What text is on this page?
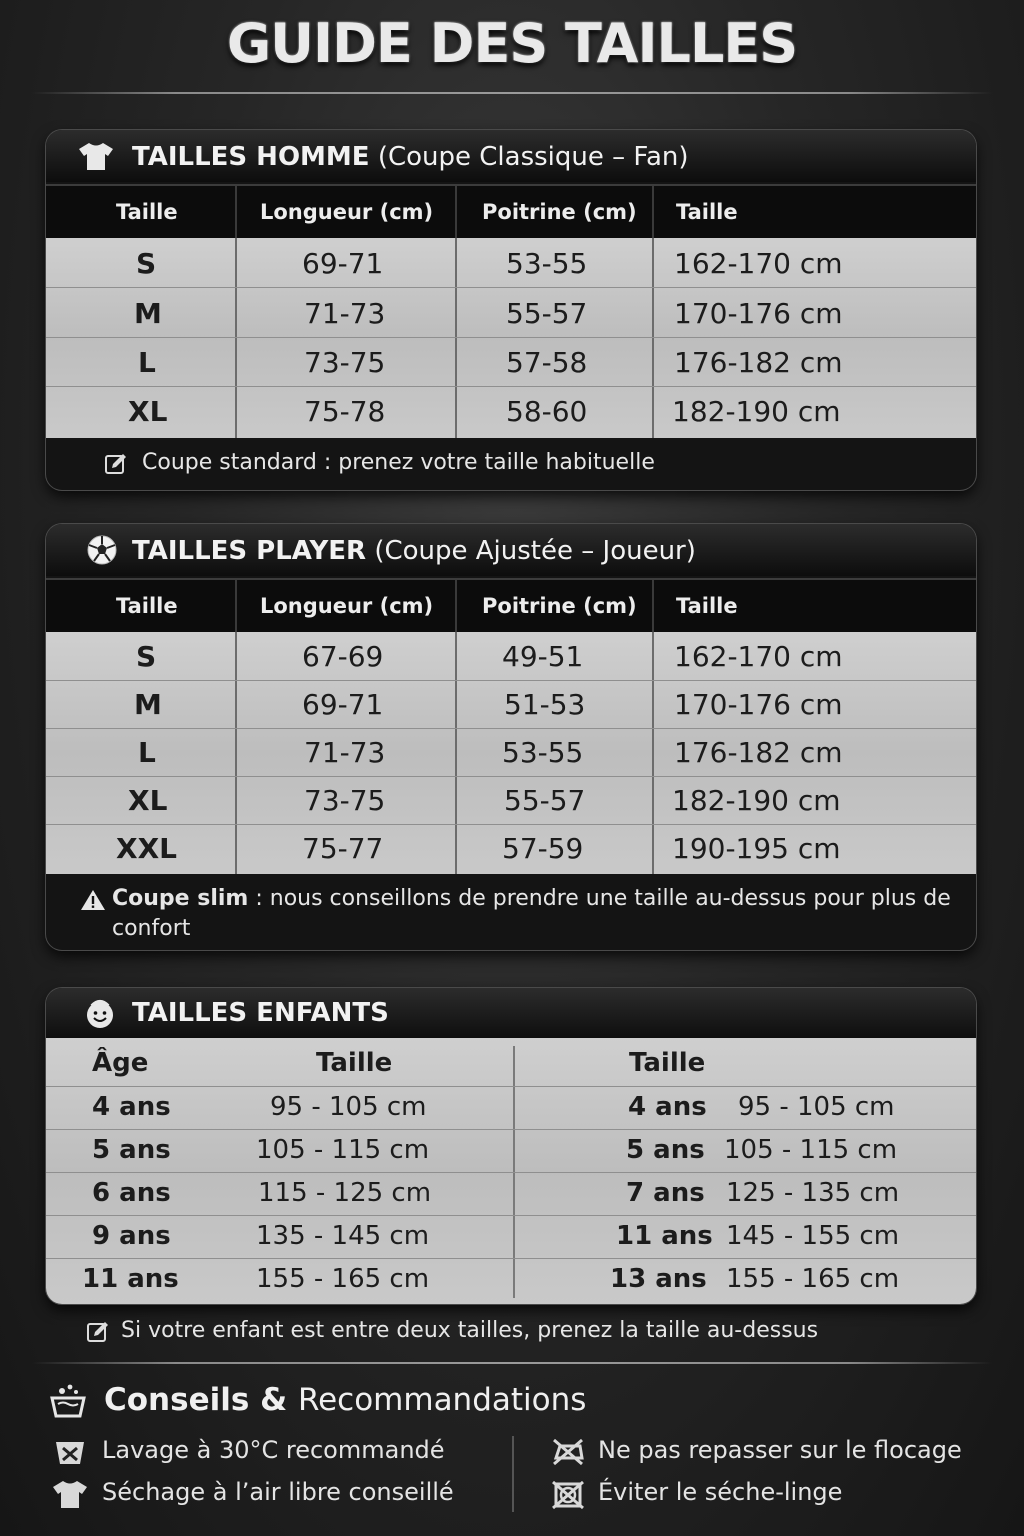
GUIDE DES TAILLES
TAILLES HOMME (Coupe Classique – Fan)
Taille	Longueur (cm) Poitrine (cm) Taille
S	69-71	53-55	162-170 cm
M	71-73	55-57	170-176 cm
L	73-75	57-58	176-182 cm
XL	75-78	58-60	182-190 cm
Coupe standard : prenez votre taille habituelle
TAILLES PLAYER (Coupe Ajustée – Joueur)
Taille	Longueur (cm) Poitrine (cm) Taille
S	67-69	49-51	162-170 cm
M	69-71	51-53	170-176 cm
L	71-73	53-55	176-182 cm
XL	73-75	55-57	182-190 cm
XXL	75-77	57-59	190-195 cm
Coupe slim : nous conseillons de prendre une taille au-dessus pour plus de
confort
TAILLES ENFANTS
Âge	Taille	Taille
4 ans	95 - 105 cm	4 ans 95 - 105 cm
5 ans	105 - 115 cm	5 ans 105 - 115 cm
6 ans	115 - 125 cm	7 ans 125 - 135 cm
9 ans	135 - 145 cm	11 ans 145 - 155 cm
11 ans	155 - 165 cm	13 ans 155 - 165 cm
Si votre enfant est entre deux tailles, prenez la taille au-dessus
Conseils & Recommandations
Lavage à 30°C recommandé
Séchage à l’air libre conseillé
Ne pas repasser sur le flocage
Éviter le séche-linge
